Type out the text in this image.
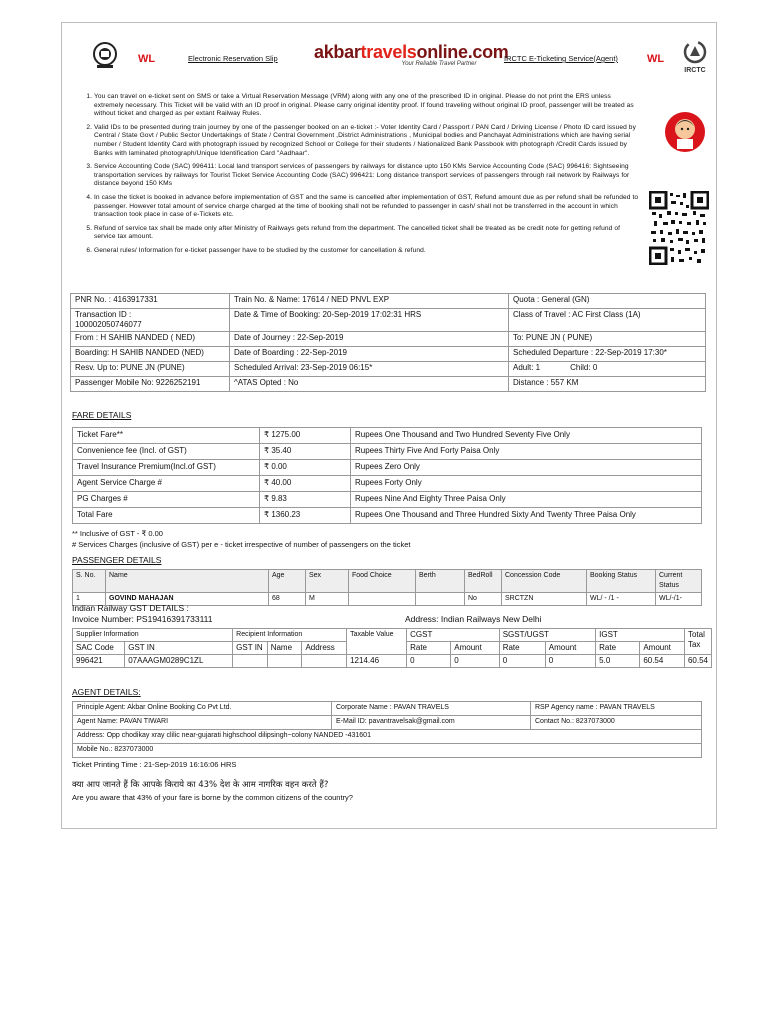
WL	Electronic Reservation Slip akbartravelsonline.com
Your Reliable Travel Partner
IRCTC E-Ticketing Service(Agent)	WL
IRCTC
1. You can travel on e-ticket sent on SMS or take a Virtual Reservation Message (VRM) along with any one of the prescribed ID in original. Please do not print the ERS unless extremely necessary. This Ticket will be valid with an ID proof in original. Please carry original identity proof. If found traveling without original ID proof, passenger will be treated as without ticket and charged as per extant Railway Rules.
2. Valid IDs to be presented during train journey by one of the passenger booked on an e-ticket :- Voter Identity Card / Passport / PAN Card / Driving License / Photo ID card issued by Central / State Govt / Public Sector Undertakings of State / Central Government ,District Administrations , Municipal bodies and Panchayat Administrations which are having serial number / Student Identity Card with photograph issued by recognized School or College for their students / Nationalized Bank Passbook with photograph /Credit Cards issued by Banks with laminated photograph/Unique Identification Card "Aadhaar".
3. Service Accounting Code (SAC) 996411: Local land transport services of passengers by railways for distance upto 150 KMs Service Accounting Code (SAC) 996416: Sightseeing transportation services by railways for Tourist Ticket Service Accounting Code (SAC) 996421: Long distance transport services of passengers through rail network by Railways for distance beyond 150 KMs
4. In case the ticket is booked in advance before implementation of GST and the same is cancelled after implementation of GST, Refund amount due as per refund shall be refunded to passenger. However total amount of service charge charged at the time of booking shall not be refunded to passenger in cash/ shall not be transferred in the account in which transaction took place in case of e-Tickets etc.
5. Refund of service tax shall be made only after Ministry of Railways gets refund from the department. The cancelled ticket shall be treated as be credit note for getting refund of service tax amount.
6. General rules/ Information for e-ticket passenger have to be studied by the customer for cancellation & refund.
PNR No. : 4163917331	Train No. & Name: 17614 / NED PNVL EXP	Quota : General (GN)
Transaction ID :
100002050746077	Date & Time of Booking: 20-Sep-2019 17:02:31 HRS	Class of Travel : AC First Class (1A)
From : H SAHIB NANDED ( NED)	Date of Journey : 22-Sep-2019	To: PUNE JN ( PUNE)
Boarding: H SAHIB NANDED (NED)	Date of Boarding : 22-Sep-2019	Scheduled Departure : 22-Sep-2019 17:30*
Resv. Up to: PUNE JN (PUNE)	Scheduled Arrival: 23-Sep-2019 06:15*	Adult: 1 Child: 0
Passenger Mobile No: 9226252191	^ATAS Opted : No	Distance : 557 KM
FARE DETAILS
Ticket Fare**	₹ 1275.00	Rupees One Thousand and Two Hundred Seventy Five Only
Convenience fee (Incl. of GST)	₹ 35.40	Rupees Thirty Five And Forty Paisa Only
Travel Insurance Premium(Incl.of GST)	₹ 0.00	Rupees Zero Only
Agent Service Charge #	₹ 40.00	Rupees Forty Only
PG Charges #	₹ 9.83	Rupees Nine And Eighty Three Paisa Only
Total Fare	₹ 1360.23	Rupees One Thousand and Three Hundred Sixty And Twenty Three Paisa Only
** Inclusive of GST - ₹ 0.00
# Services Charges (inclusive of GST) per e - ticket irrespective of number of passengers on the ticket
PASSENGER DETAILS
S. No.	Name	Age	Sex	Food Choice	Berth	BedRoll	Concession Code	Booking Status	Current Status
1	GOVIND MAHAJAN	68	M			No	SRCTZN	WL/ - /1 -	WL/-/1-
Indian Railway GST DETAILS :
Invoice Number: PS19416391733111	Address: Indian Railways New Delhi
Supplier Information		Recipient Information			Taxable Value	CGST		SGST/UGST		IGST		Total Tax
SAC Code	GST IN	GST IN	Name	Address		Rate	Amount	Rate	Amount	Rate	Amount	
996421	07AAAGM0289C1ZL				1214.46	0	0	0	0	5.0	60.54	60.54
AGENT DETAILS:
Principle Agent: Akbar Online Booking Co Pvt Ltd.	Corporate Name : PAVAN TRAVELS	RSP Agency name : PAVAN TRAVELS
Agent Name: PAVAN TIWARI	E-Mail ID: pavantravelsak@gmail.com	Contact No.: 8237073000
Address: Opp chodikay xray clilic near-gujarati highschool dilipsingh~colony NANDED -431601		
Mobile No.: 8237073000		
Ticket Printing Time : 21-Sep-2019 16:16:06 HRS
क्या आप जानते हैं कि आपके किराये का 43% देश के आम नागरिक वहन करते हैं?
Are you aware that 43% of your fare is borne by the common citizens of the country?
